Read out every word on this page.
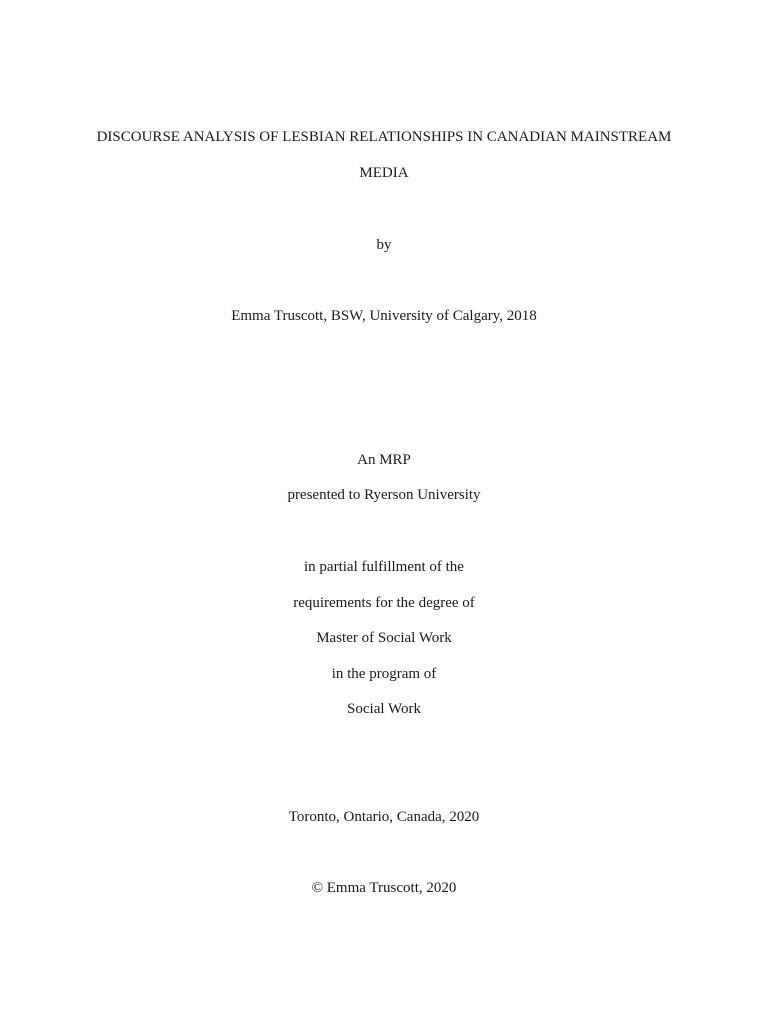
DISCOURSE ANALYSIS OF LESBIAN RELATIONSHIPS IN CANADIAN MAINSTREAM
MEDIA
by
Emma Truscott, BSW, University of Calgary, 2018
An MRP
presented to Ryerson University
in partial fulfillment of the
requirements for the degree of
Master of Social Work
in the program of
Social Work
Toronto, Ontario, Canada, 2020
© Emma Truscott, 2020
